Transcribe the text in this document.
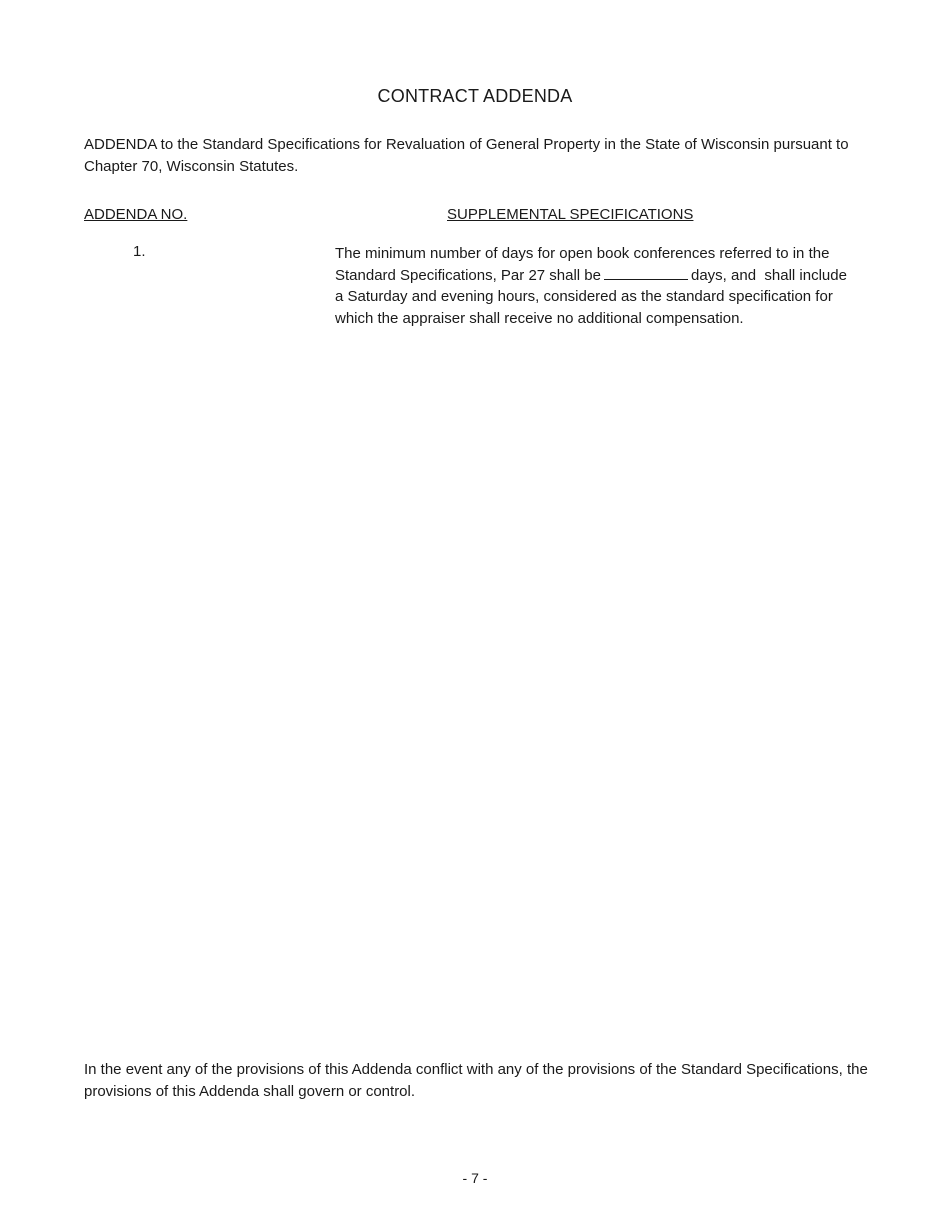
CONTRACT ADDENDA
ADDENDA to the Standard Specifications for Revaluation of General Property in the State of Wisconsin pursuant to Chapter 70, Wisconsin Statutes.
ADDENDA NO.	SUPPLEMENTAL SPECIFICATIONS
1.	The minimum number of days for open book conferences referred to in the Standard Specifications, Par 27 shall be	days, and  shall include a Saturday and evening hours, considered as the standard specification for which the appraiser shall receive no additional compensation.
In the event any of the provisions of this Addenda conflict with any of the provisions of the Standard Specifications, the provisions of this Addenda shall govern or control.
- 7 -
